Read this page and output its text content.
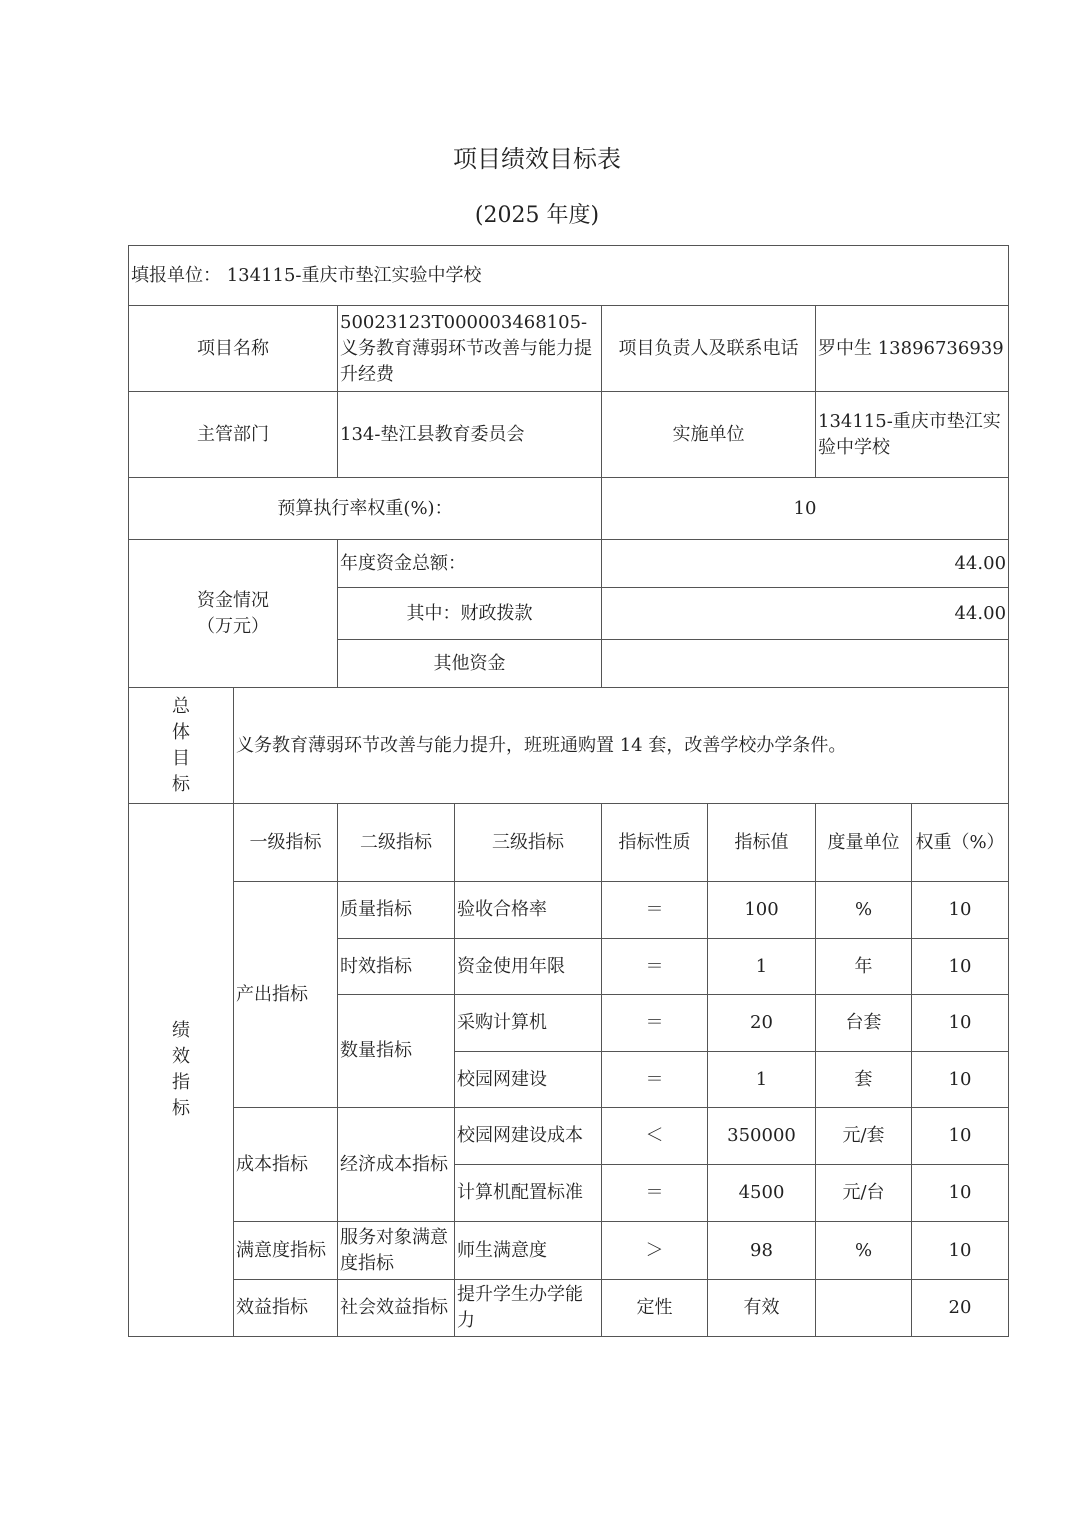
项目绩效目标表
(2025 年度)
填报单位： 134115-重庆市垫江实验中学校							
项目名称		50023123T000003468105-义务教育薄弱环节改善与能力提升经费		项目负责人及联系电话		罗中生 13896736939	
主管部门		134-垫江县教育委员会		实施单位		134115-重庆市垫江实验中学校	
预算执行率权重(%)：				10			

资金情况
（万元）		年度资金总额：		44.00			
		其中：财政拨款		44.00			
		其他资金					

总
体
目
标	义务教育薄弱环节改善与能力提升，班班通购置 14 套，改善学校办学条件。						

绩
效
指
标	一级指标	二级指标	三级指标	指标性质	指标值	度量单位	权重（%）
	产出指标	质量指标	验收合格率	＝	100	%	10
		时效指标	资金使用年限	＝	1	年	10
		数量指标	采购计算机	＝	20	台套	10
			校园网建设	＝	1	套	10
	成本指标	经济成本指标	校园网建设成本	＜	350000	元/套	10
			计算机配置标准	＝	4500	元/台	10
	满意度指标	服务对象满意度指标	师生满意度	＞	98	%	10
	效益指标	社会效益指标	提升学生办学能力	定性	有效		20
